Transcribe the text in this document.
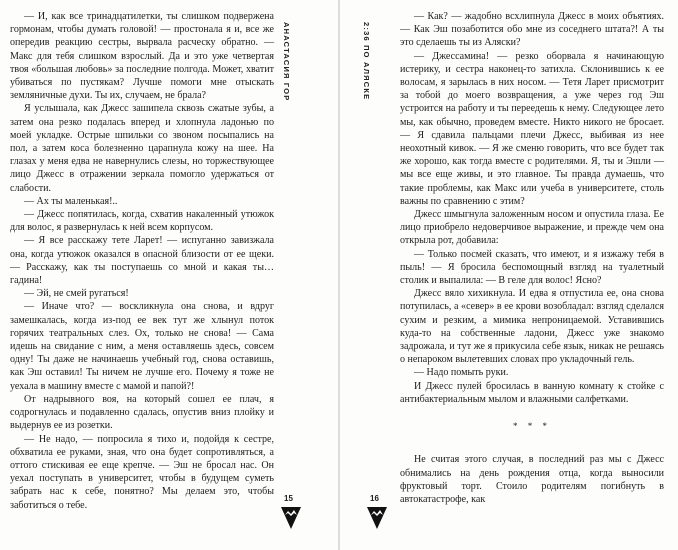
— И, как все тринадцатилетки, ты слишком подвержена гормонам, чтобы думать головой! — простонала я и, все же опередив реакцию сестры, вырвала расческу обратно. — Макс для тебя слишком взрослый. Да и это уже четвертая твоя «большая любовь» за последние полгода. Может, хватит убиваться по пустякам? Лучше помоги мне отыскать земляничные духи. Ты их, случаем, не брала?

Я услышала, как Джесс зашипела сквозь сжатые зубы, а затем она резко подалась вперед и хлопнула ладонью по моей укладке. Острые шпильки со звоном посыпались на пол, а затем коса болезненно царапнула кожу на шее. На глазах у меня едва не навернулись слезы, но торжествующее лицо Джесс в отражении зеркала помогло удержаться от слабости.

— Ах ты маленькая!..

— Джесс попятилась, когда, схватив накаленный утюжок для волос, я развернулась к ней всем корпусом.

— Я все расскажу тете Ларет! — испуганно завизжала она, когда утюжок оказался в опасной близости от ее щеки. — Расскажу, как ты поступаешь со мной и какая ты… гадина!

— Эй, не смей ругаться!

— Иначе что? — воскликнула она снова, и вдруг замешкалась, когда из-под ее век тут же хлынул поток горячих театральных слез. Ох, только не снова! — Сама идешь на свидание с ним, а меня оставляешь здесь, совсем одну! Ты даже не начинаешь учебный год, снова оставишь, как Эш оставил! Ты ничем не лучше его. Почему я тоже не уехала в машину вместе с мамой и папой?!

От надрывного воя, на который сошел ее плач, я содрогнулась и подавленно сдалась, опустив вниз плойку и выдернув ее из розетки.

— Не надо, — попросила я тихо и, подойдя к сестре, обхватила ее руками, зная, что она будет сопротивляться, а оттого стискивая ее еще крепче. — Эш не бросал нас. Он уехал поступать в университет, чтобы в будущем суметь забрать нас к себе, понятно? Мы делаем это, чтобы заботиться о тебе.

АНАСТАСИЯ ГОР
15
2:36 ПО АЛЯСКЕ

— Как? — жадобно всхлипнула Джесс в моих объятиях. — Как Эш позаботится обо мне из соседнего штата?! А ты это сделаешь ты из Аляски?

— Джессамина! — резко оборвала я начинающую истерику, и сестра наконец-то затихла. Склонившись к ее волосам, я зарылась в них носом. — Тетя Ларет присмотрит за тобой до моего возвращения, а уже через год Эш устроится на работу и ты переедешь к нему. Следующее лето мы, как обычно, проведем вместе. Никто никого не бросает. — Я сдавила пальцами плечи Джесс, выбивая из нее неохотный кивок. — Я же сменю говорить, что все будет так же хорошо, как тогда вместе с родителями. Я, ты и Эшли — мы все еще живы, и это главное. Ты правда думаешь, что такие проблемы, как Макс или учеба в университете, столь важны по сравнению с этим?

Джесс шмыгнула заложенным носом и опустила глаза. Ее лицо приобрело недоверчивое выражение, и прежде чем она открыла рот, добавила:

— Только посмей сказать, что имеют, и я изжажу тебя в пыль! — Я бросила беспомощный взгляд на туалетный столик и выпалила: — В геле для волос! Ясно?

Джесс вяло хихикнула. И едва я отпустила ее, она снова потупилась, а «север» в ее крови возобладал: взгляд сделался сухим и резким, а мимика непроницаемой. Уставившись куда-то на собственные ладони, Джесс уже знакомо задрожала, и тут же я прикусила себе язык, никак не решаясь о непароком вылетевших словах про укладочный гель.

— Надо помыть руки.

И Джесс пулей бросилась в ванную комнату к стойке с антибактериальным мылом и влажными салфетками.

* * *

Не считая этого случая, в последний раз мы с Джесс обнимались на день рождения отца, когда выносили фруктовый торт. Стоило родителям погибнуть в автокатастрофе, как

16
